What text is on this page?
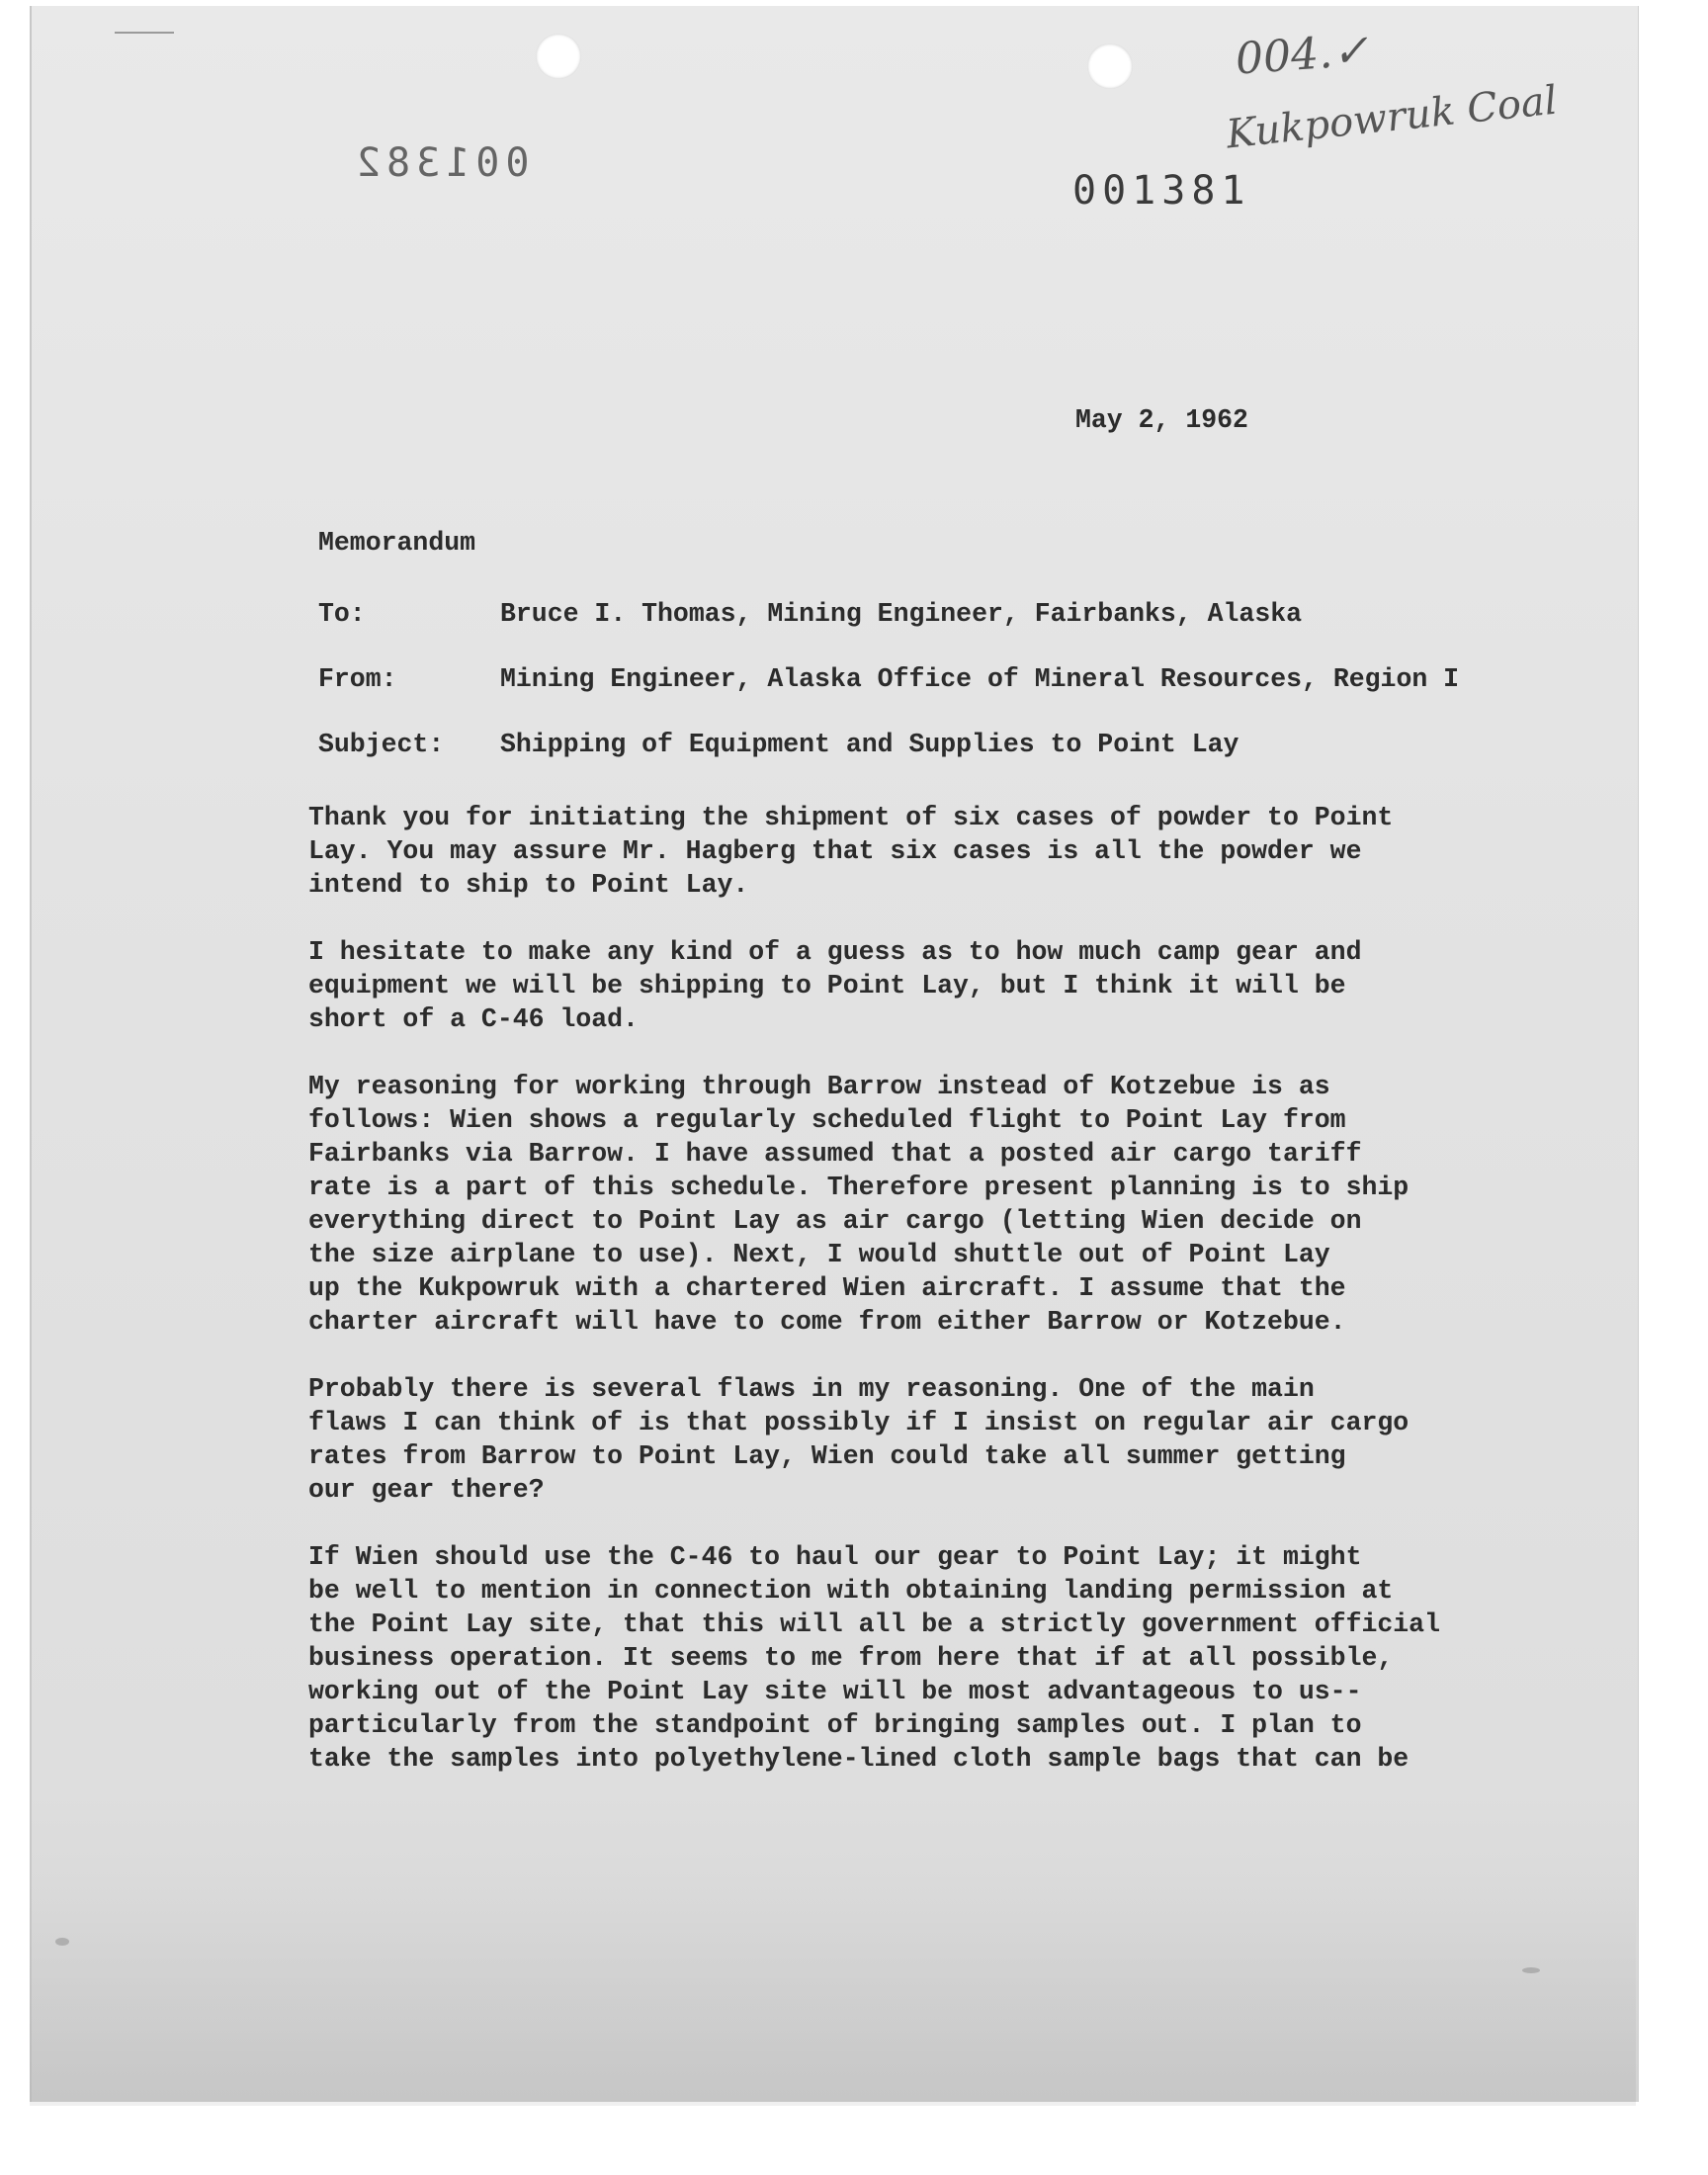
001382
001381
004.✓
Kukpowruk Coal
May 2, 1962
Memorandum
To:	Bruce I. Thomas, Mining Engineer, Fairbanks, Alaska
From:	Mining Engineer, Alaska Office of Mineral Resources, Region I
Subject:	Shipping of Equipment and Supplies to Point Lay

Thank you for initiating the shipment of six cases of powder to Point
Lay. You may assure Mr. Hagberg that six cases is all the powder we
intend to ship to Point Lay.

I hesitate to make any kind of a guess as to how much camp gear and
equipment we will be shipping to Point Lay, but I think it will be
short of a C-46 load.

My reasoning for working through Barrow instead of Kotzebue is as
follows: Wien shows a regularly scheduled flight to Point Lay from
Fairbanks via Barrow. I have assumed that a posted air cargo tariff
rate is a part of this schedule. Therefore present planning is to ship
everything direct to Point Lay as air cargo (letting Wien decide on
the size airplane to use). Next, I would shuttle out of Point Lay
up the Kukpowruk with a chartered Wien aircraft. I assume that the
charter aircraft will have to come from either Barrow or Kotzebue.

Probably there is several flaws in my reasoning. One of the main
flaws I can think of is that possibly if I insist on regular air cargo
rates from Barrow to Point Lay, Wien could take all summer getting
our gear there?

If Wien should use the C-46 to haul our gear to Point Lay; it might
be well to mention in connection with obtaining landing permission at
the Point Lay site, that this will all be a strictly government official
business operation. It seems to me from here that if at all possible,
working out of the Point Lay site will be most advantageous to us--
particularly from the standpoint of bringing samples out. I plan to
take the samples into polyethylene-lined cloth sample bags that can be
